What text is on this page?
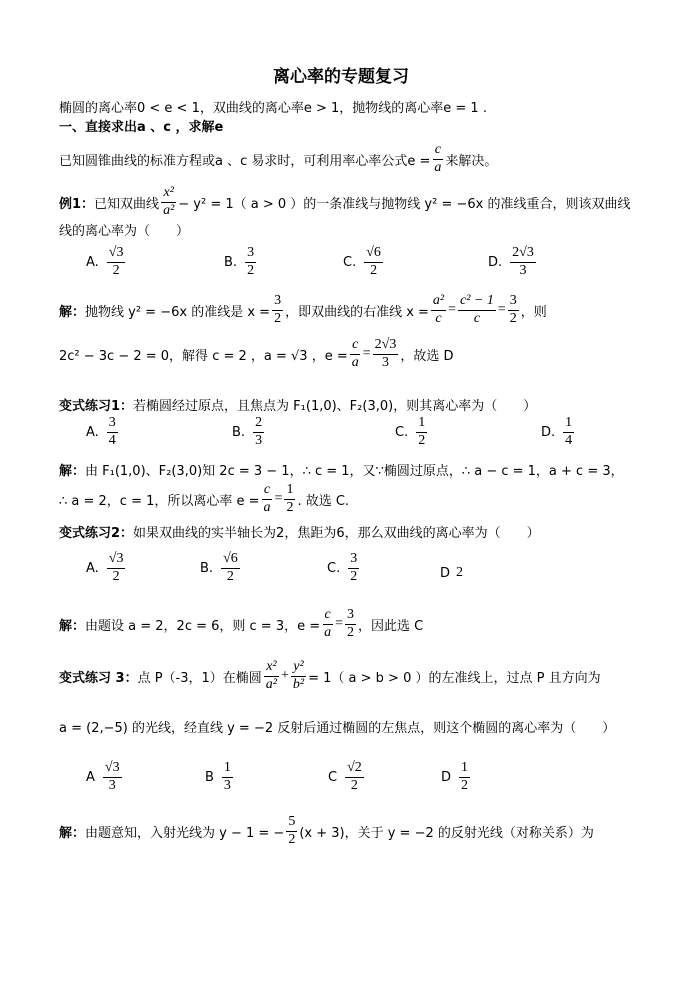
离心率的专题复习
椭圆的离心率0 < e < 1，双曲线的离心率e > 1，抛物线的离心率e = 1 .
一、直接求出a 、c ，求解e
已知圆锥曲线的标准方程或a 、c 易求时，可利用率心率公式$e = \frac{c}{a}$ 来解决。
例1： 已知双曲线 $\frac{\text{x²}}{\text{a²}} - y^2 = 1$（ a > 0 ）的一条准线与抛物线 y² = −6x 的准线重合，则该双曲线
线的离心率为（　　）
A. $\frac{√3}{2}$	B. $\frac{3}{2}$	C. $\frac{√6}{2}$	D. $\frac{2√3}{3}$
解： 抛物线 y² = −6x 的准线是 $x = \frac{3}{2}$ ，即双曲线的右准线 $x = \frac{\text{a²}}{c} = \frac{\text{c² − 1}}{c} = \frac{3}{2}$ ，则
2c² − 3c − 2 = 0，解得 c = 2 ，a = √3 ，$e = \frac{c}{a} = \frac{2√3}{3}$ ，故选 D
变式练习1： 若椭圆经过原点，且焦点为 F₁(1,0)、F₂(3,0)，则其离心率为（　　）
A. $\frac{3}{4}$	B. $\frac{2}{3}$	C. $\frac{1}{2}$	D. $\frac{1}{4}$
解： 由 F₁(1,0)、F₂(3,0)知 2c = 3 − 1，∴ c = 1，又∵椭圆过原点，∴ a − c = 1，a + c = 3，
∴ a = 2，c = 1，所以离心率 $e = \frac{c}{a} = \frac{1}{2}$ . 故选 C.
变式练习2： 如果双曲线的实半轴长为2，焦距为6，那么双曲线的离心率为（　　）
A. $\frac{√3}{2}$	B. $\frac{√6}{2}$	C. $\frac{3}{2}$	D 2
解： 由题设 a = 2，2c = 6，则 c = 3，$e = \frac{c}{a} = \frac{3}{2}$ ，因此选 C
变式练习 3： 点 P（-3，1）在椭圆 $\frac{\text{x²}}{\text{a²}} + \frac{\text{y²}}{\text{b²}} = 1$（ a > b > 0 ）的左准线上，过点 P 且方向为
a = (2,−5) 的光线，经直线 y = −2 反射后通过椭圆的左焦点，则这个椭圆的离心率为（　　）
A $\frac{√3}{3}$	B $\frac{1}{3}$	C $\frac{√2}{2}$	D $\frac{1}{2}$
解： 由题意知，入射光线为 y − 1 = − $\frac{5}{2} (x + 3)$，关于 y = −2 的反射光线（对称关系）为
